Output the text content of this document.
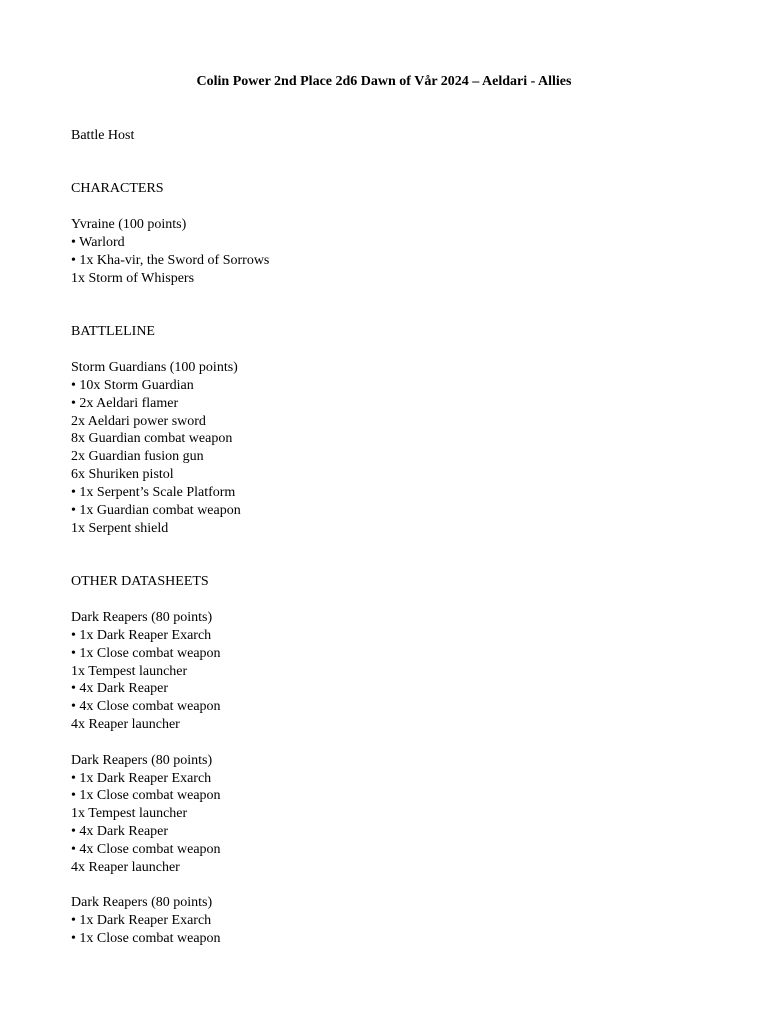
Colin Power 2nd Place 2d6 Dawn of Vår 2024 – Aeldari - Allies
Battle Host
CHARACTERS
Yvraine (100 points)
• Warlord
• 1x Kha-vir, the Sword of Sorrows
1x Storm of Whispers
BATTLELINE
Storm Guardians (100 points)
• 10x Storm Guardian
• 2x Aeldari flamer
2x Aeldari power sword
8x Guardian combat weapon
2x Guardian fusion gun
6x Shuriken pistol
• 1x Serpent’s Scale Platform
• 1x Guardian combat weapon
1x Serpent shield
OTHER DATASHEETS
Dark Reapers (80 points)
• 1x Dark Reaper Exarch
• 1x Close combat weapon
1x Tempest launcher
• 4x Dark Reaper
• 4x Close combat weapon
4x Reaper launcher
Dark Reapers (80 points)
• 1x Dark Reaper Exarch
• 1x Close combat weapon
1x Tempest launcher
• 4x Dark Reaper
• 4x Close combat weapon
4x Reaper launcher
Dark Reapers (80 points)
• 1x Dark Reaper Exarch
• 1x Close combat weapon
